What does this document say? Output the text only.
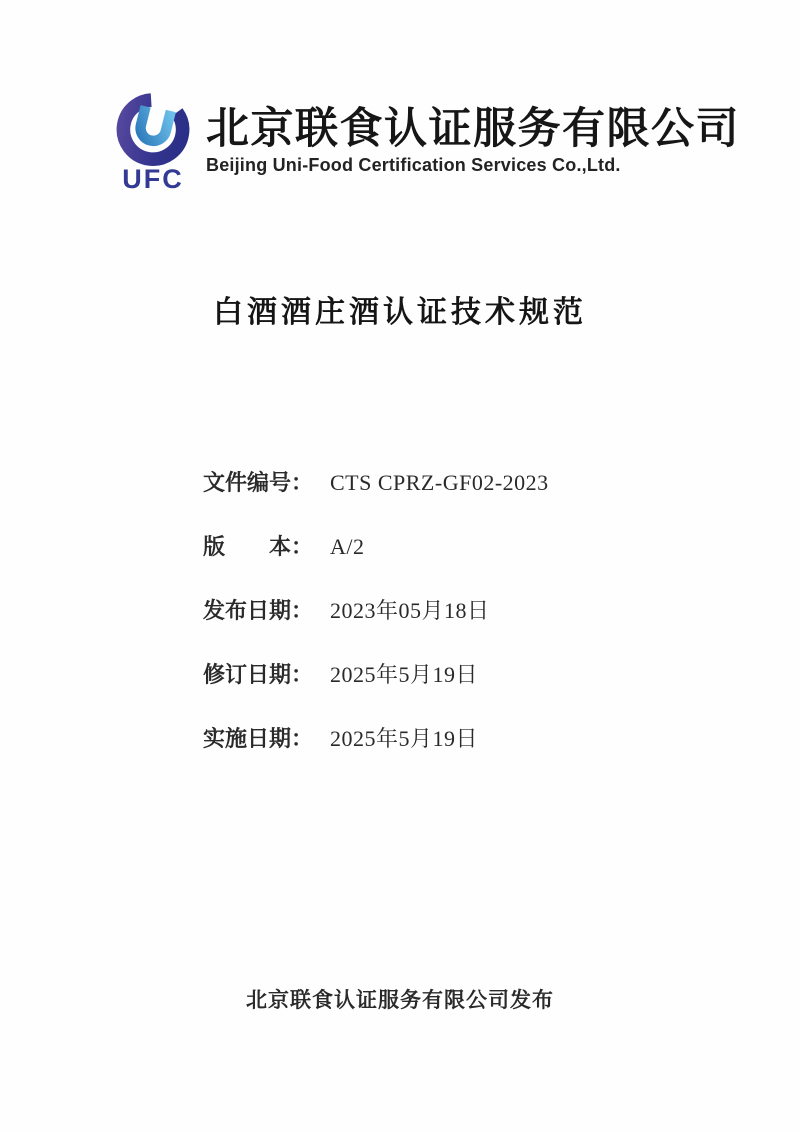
UFC
北京联食认证服务有限公司
Beijing Uni-Food Certification Services Co.,Ltd.
白酒酒庄酒认证技术规范
文件编号： CTS CPRZ-GF02-2023
版　　本： A/2
发布日期： 2023年05月18日
修订日期： 2025年5月19日
实施日期： 2025年5月19日
北京联食认证服务有限公司发布
